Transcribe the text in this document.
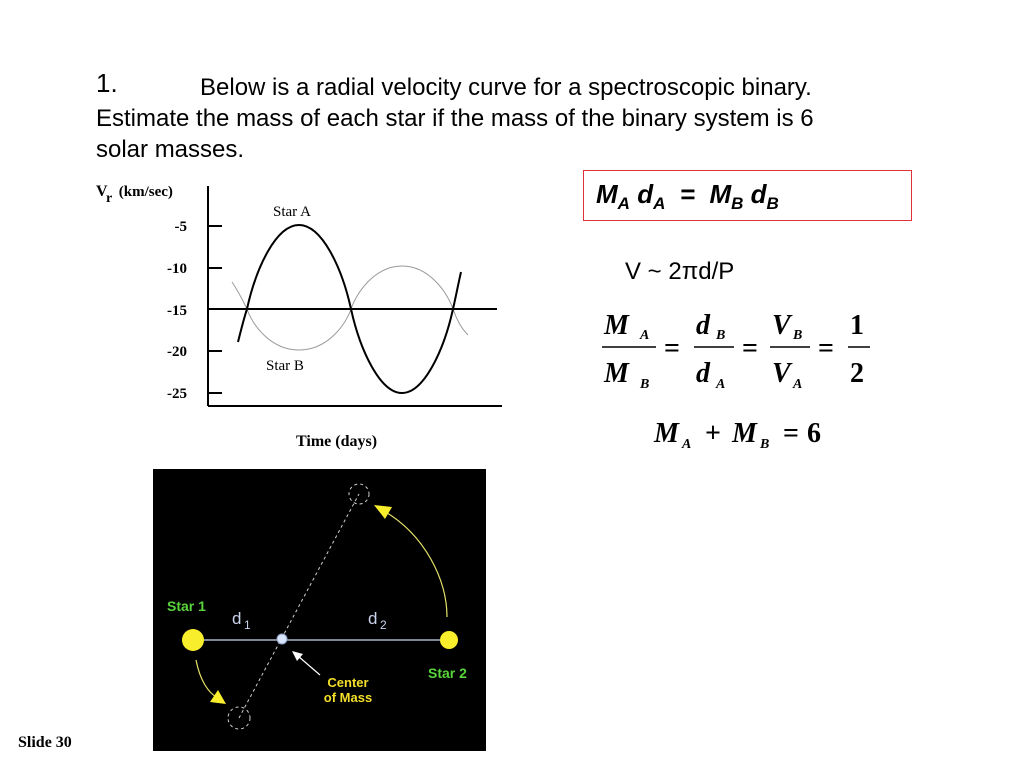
1.	Below is a radial velocity curve for a spectroscopic binary. Estimate the mass of each star if the mass of the binary system is 6 solar masses.

$M_A$ $d_A = M_B$ $d_B$
V ~ 2πd/P
V
r (km/sec)
-5
-10
-15
-20
-25
Star A
Star B
Time (days)
M A
M B
=
d B
d A
=
V B
V A
=
1
2
M A + M B = 6
Star 1
Star 2
d 1	d 2
Center
of Mass
Slide 30
